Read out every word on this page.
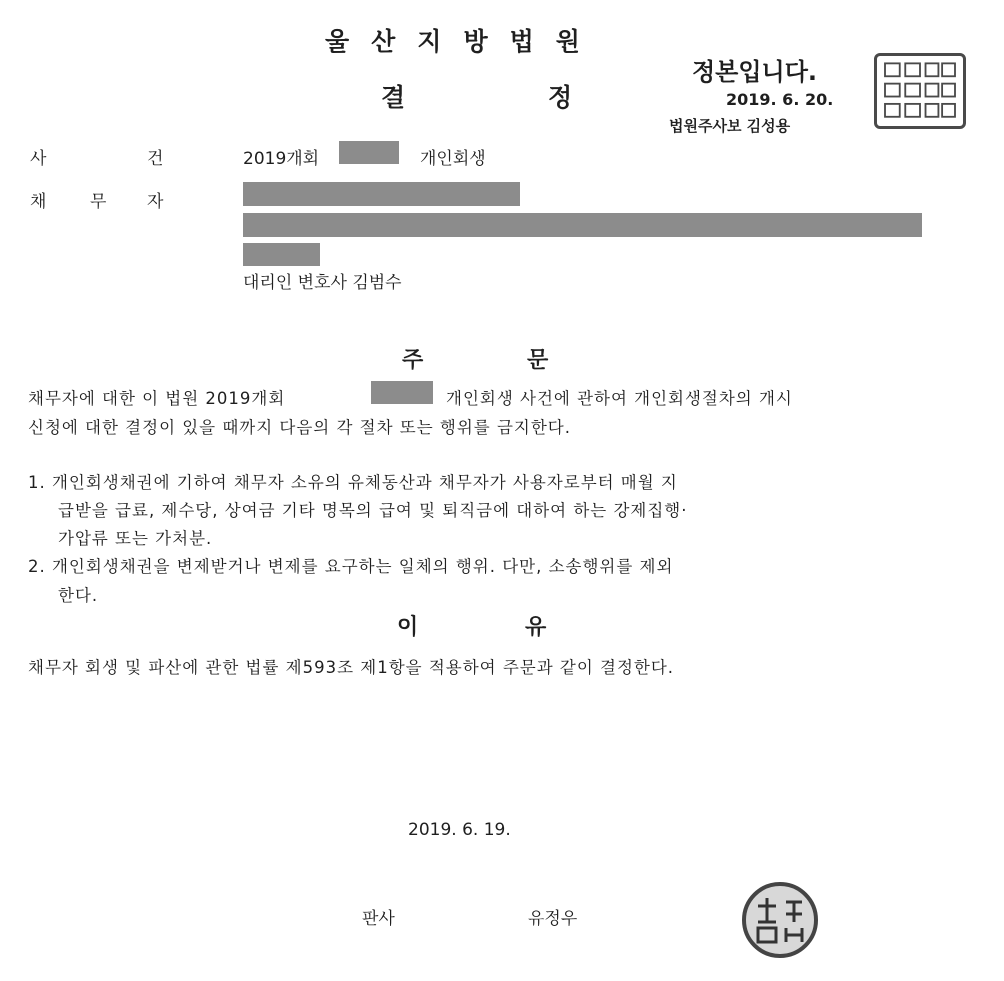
울산지방법원
결	정
정본입니다.
2019. 6. 20.
법원주사보 김성용
사	건	2019개회	개인회생
채	무 자
대리인 변호사 김범수
주	문
채무자에 대한 이 법원 2019개회	개인회생 사건에 관하여 개인회생절차의 개시
신청에 대한 결정이 있을 때까지 다음의 각 절차 또는 행위를 금지한다.
1. 개인회생채권에 기하여 채무자 소유의 유체동산과 채무자가 사용자로부터 매월 지
급받을 급료, 제수당, 상여금 기타 명목의 급여 및 퇴직금에 대하여 하는 강제집행·
가압류 또는 가처분.
2. 개인회생채권을 변제받거나 변제를 요구하는 일체의 행위. 다만, 소송행위를 제외
한다.
이	유
채무자 회생 및 파산에 관한 법률 제593조 제1항을 적용하여 주문과 같이 결정한다.
2019. 6. 19.
판사	유정우
